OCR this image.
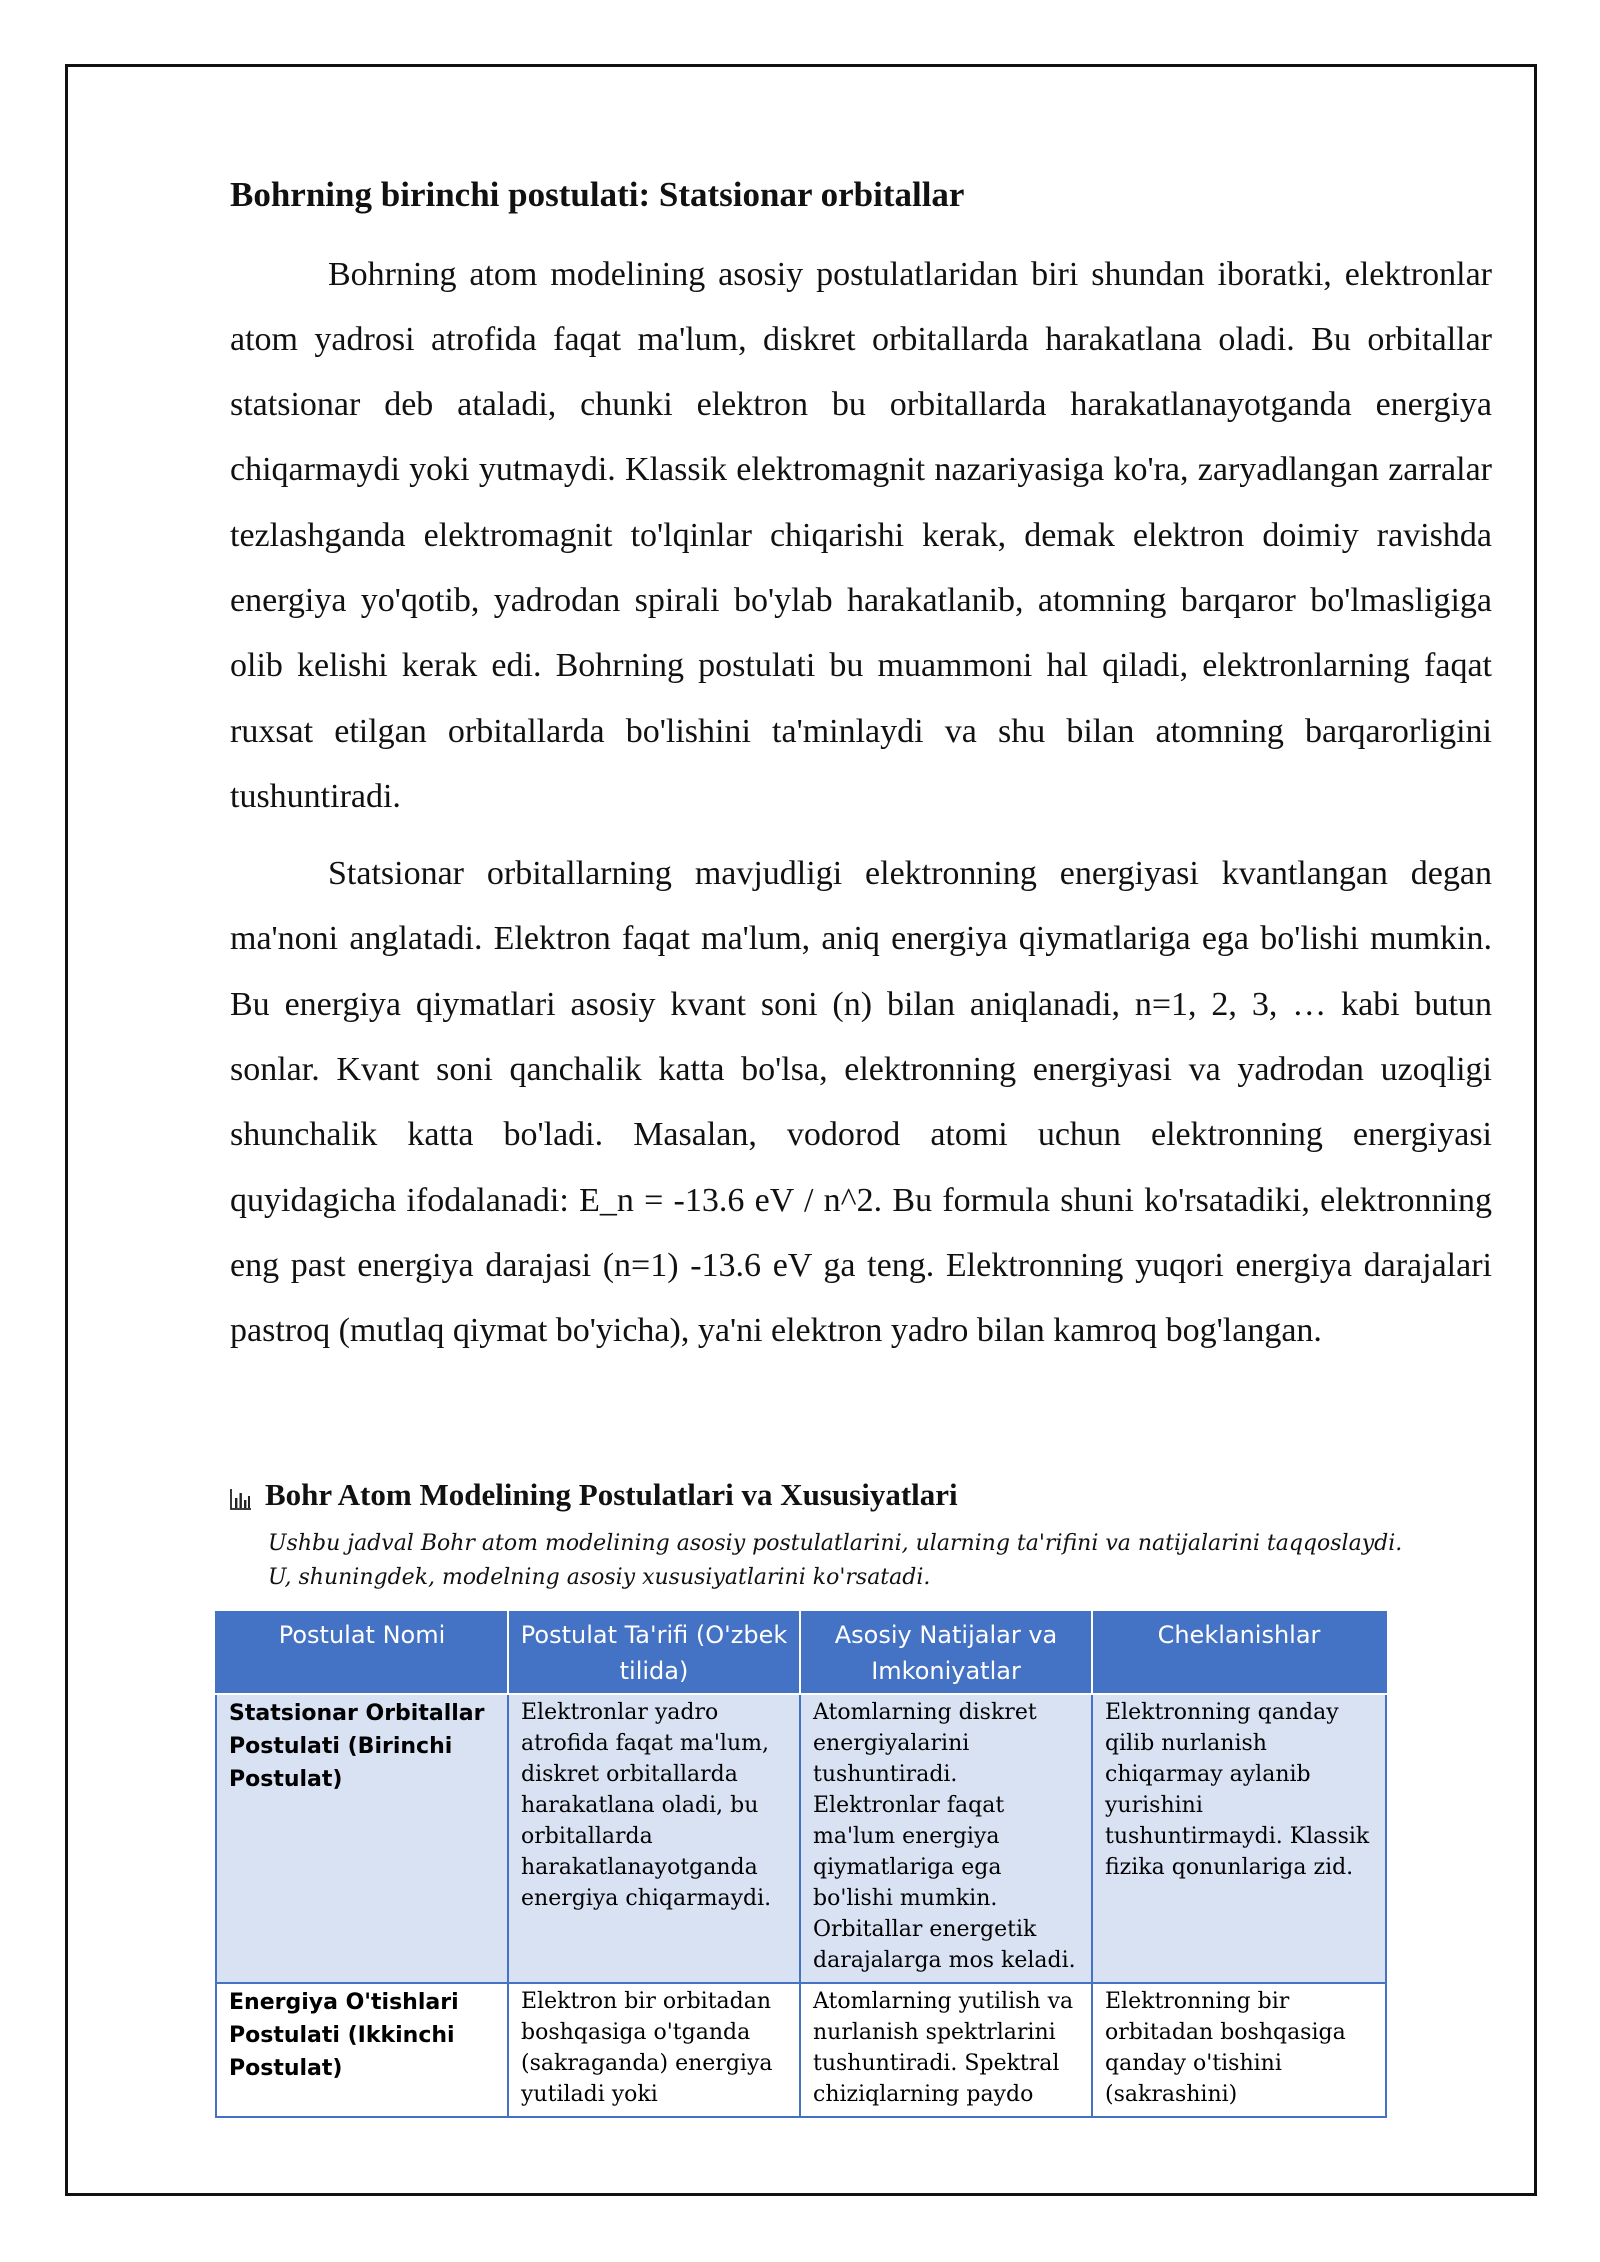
Bohrning birinchi postulati: Statsionar orbitallar

Bohrning atom modelining asosiy postulatlaridan biri shundan iboratki, elektronlar atom yadrosi atrofida faqat ma'lum, diskret orbitallarda harakatlana oladi. Bu orbitallar statsionar deb ataladi, chunki elektron bu orbitallarda harakatlanayotganda energiya chiqarmaydi yoki yutmaydi. Klassik elektromagnit nazariyasiga ko'ra, zaryadlangan zarralar tezlashganda elektromagnit to'lqinlar chiqarishi kerak, demak elektron doimiy ravishda energiya yo'qotib, yadrodan spirali bo'ylab harakatlanib, atomning barqaror bo'lmasligiga olib kelishi kerak edi. Bohrning postulati bu muammoni hal qiladi, elektronlarning faqat ruxsat etilgan orbitallarda bo'lishini ta'minlaydi va shu bilan atomning barqarorligini tushuntiradi.

Statsionar orbitallarning mavjudligi elektronning energiyasi kvantlangan degan ma'noni anglatadi. Elektron faqat ma'lum, aniq energiya qiymatlariga ega bo'lishi mumkin. Bu energiya qiymatlari asosiy kvant soni (n) bilan aniqlanadi, n=1, 2, 3, … kabi butun sonlar. Kvant soni qanchalik katta bo'lsa, elektronning energiyasi va yadrodan uzoqligi shunchalik katta bo'ladi. Masalan, vodorod atomi uchun elektronning energiyasi quyidagicha ifodalanadi: E_n = -13.6 eV / n^2. Bu formula shuni ko'rsatadiki, elektronning eng past energiya darajasi (n=1) -13.6 eV ga teng. Elektronning yuqori energiya darajalari pastroq (mutlaq qiymat bo'yicha), ya'ni elektron yadro bilan kamroq bog'langan.

Bohr Atom Modelining Postulatlari va Xususiyatlari
Ushbu jadval Bohr atom modelining asosiy postulatlarini, ularning ta'rifini va natijalarini taqqoslaydi. U, shuningdek, modelning asosiy xususiyatlarini ko'rsatadi.
Postulat Nomi	Postulat Ta'rifi (O'zbek tilida)	Asosiy Natijalar va Imkoniyatlar	Cheklanishlar
Statsionar Orbitallar Postulati (Birinchi Postulat)	Elektronlar yadro atrofida faqat ma'lum, diskret orbitallarda harakatlana oladi, bu orbitallarda harakatlanayotganda energiya chiqarmaydi.	Atomlarning diskret energiyalarini tushuntiradi. Elektronlar faqat ma'lum energiya qiymatlariga ega bo'lishi mumkin. Orbitallar energetik darajalarga mos keladi.	Elektronning qanday qilib nurlanish chiqarmay aylanib yurishini tushuntirmaydi. Klassik fizika qonunlariga zid.
Energiya O'tishlari Postulati (Ikkinchi Postulat)	Elektron bir orbitadan boshqasiga o'tganda (sakraganda) energiya yutiladi yoki	Atomlarning yutilish va nurlanish spektrlarini tushuntiradi. Spektral chiziqlarning paydo	Elektronning bir orbitadan boshqasiga qanday o'tishini (sakrashini)
